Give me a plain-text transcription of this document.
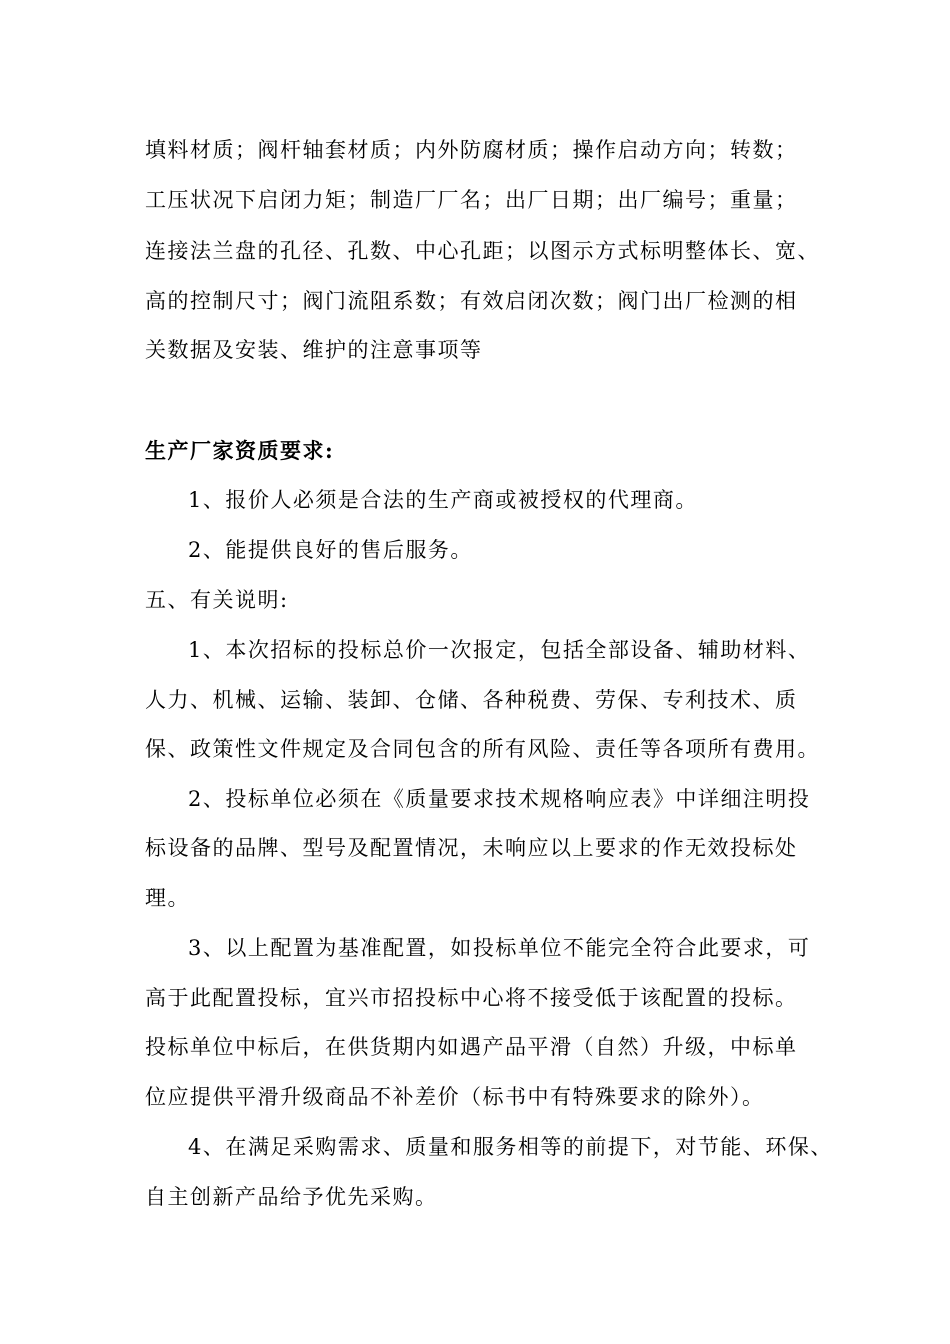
填料材质；阀杆轴套材质；内外防腐材质；操作启动方向；转数；
工压状况下启闭力矩；制造厂厂名；出厂日期；出厂编号；重量；
连接法兰盘的孔径、孔数、中心孔距；以图示方式标明整体长、宽、
高的控制尺寸；阀门流阻系数；有效启闭次数；阀门出厂检测的相
关数据及安装、维护的注意事项等
生产厂家资质要求:
1、报价人必须是合法的生产商或被授权的代理商。
2、能提供良好的售后服务。
五、有关说明:
1、本次招标的投标总价一次报定，包括全部设备、辅助材料、
人力、机械、运输、装卸、仓储、各种税费、劳保、专利技术、质
保、政策性文件规定及合同包含的所有风险、责任等各项所有费用。
2、投标单位必须在《质量要求技术规格响应表》中详细注明投
标设备的品牌、型号及配置情况，未响应以上要求的作无效投标处
理。
3、以上配置为基准配置，如投标单位不能完全符合此要求，可
高于此配置投标，宜兴市招投标中心将不接受低于该配置的投标。
投标单位中标后，在供货期内如遇产品平滑（自然）升级，中标单
位应提供平滑升级商品不补差价（标书中有特殊要求的除外）。
4、在满足采购需求、质量和服务相等的前提下，对节能、环保、
自主创新产品给予优先采购。
